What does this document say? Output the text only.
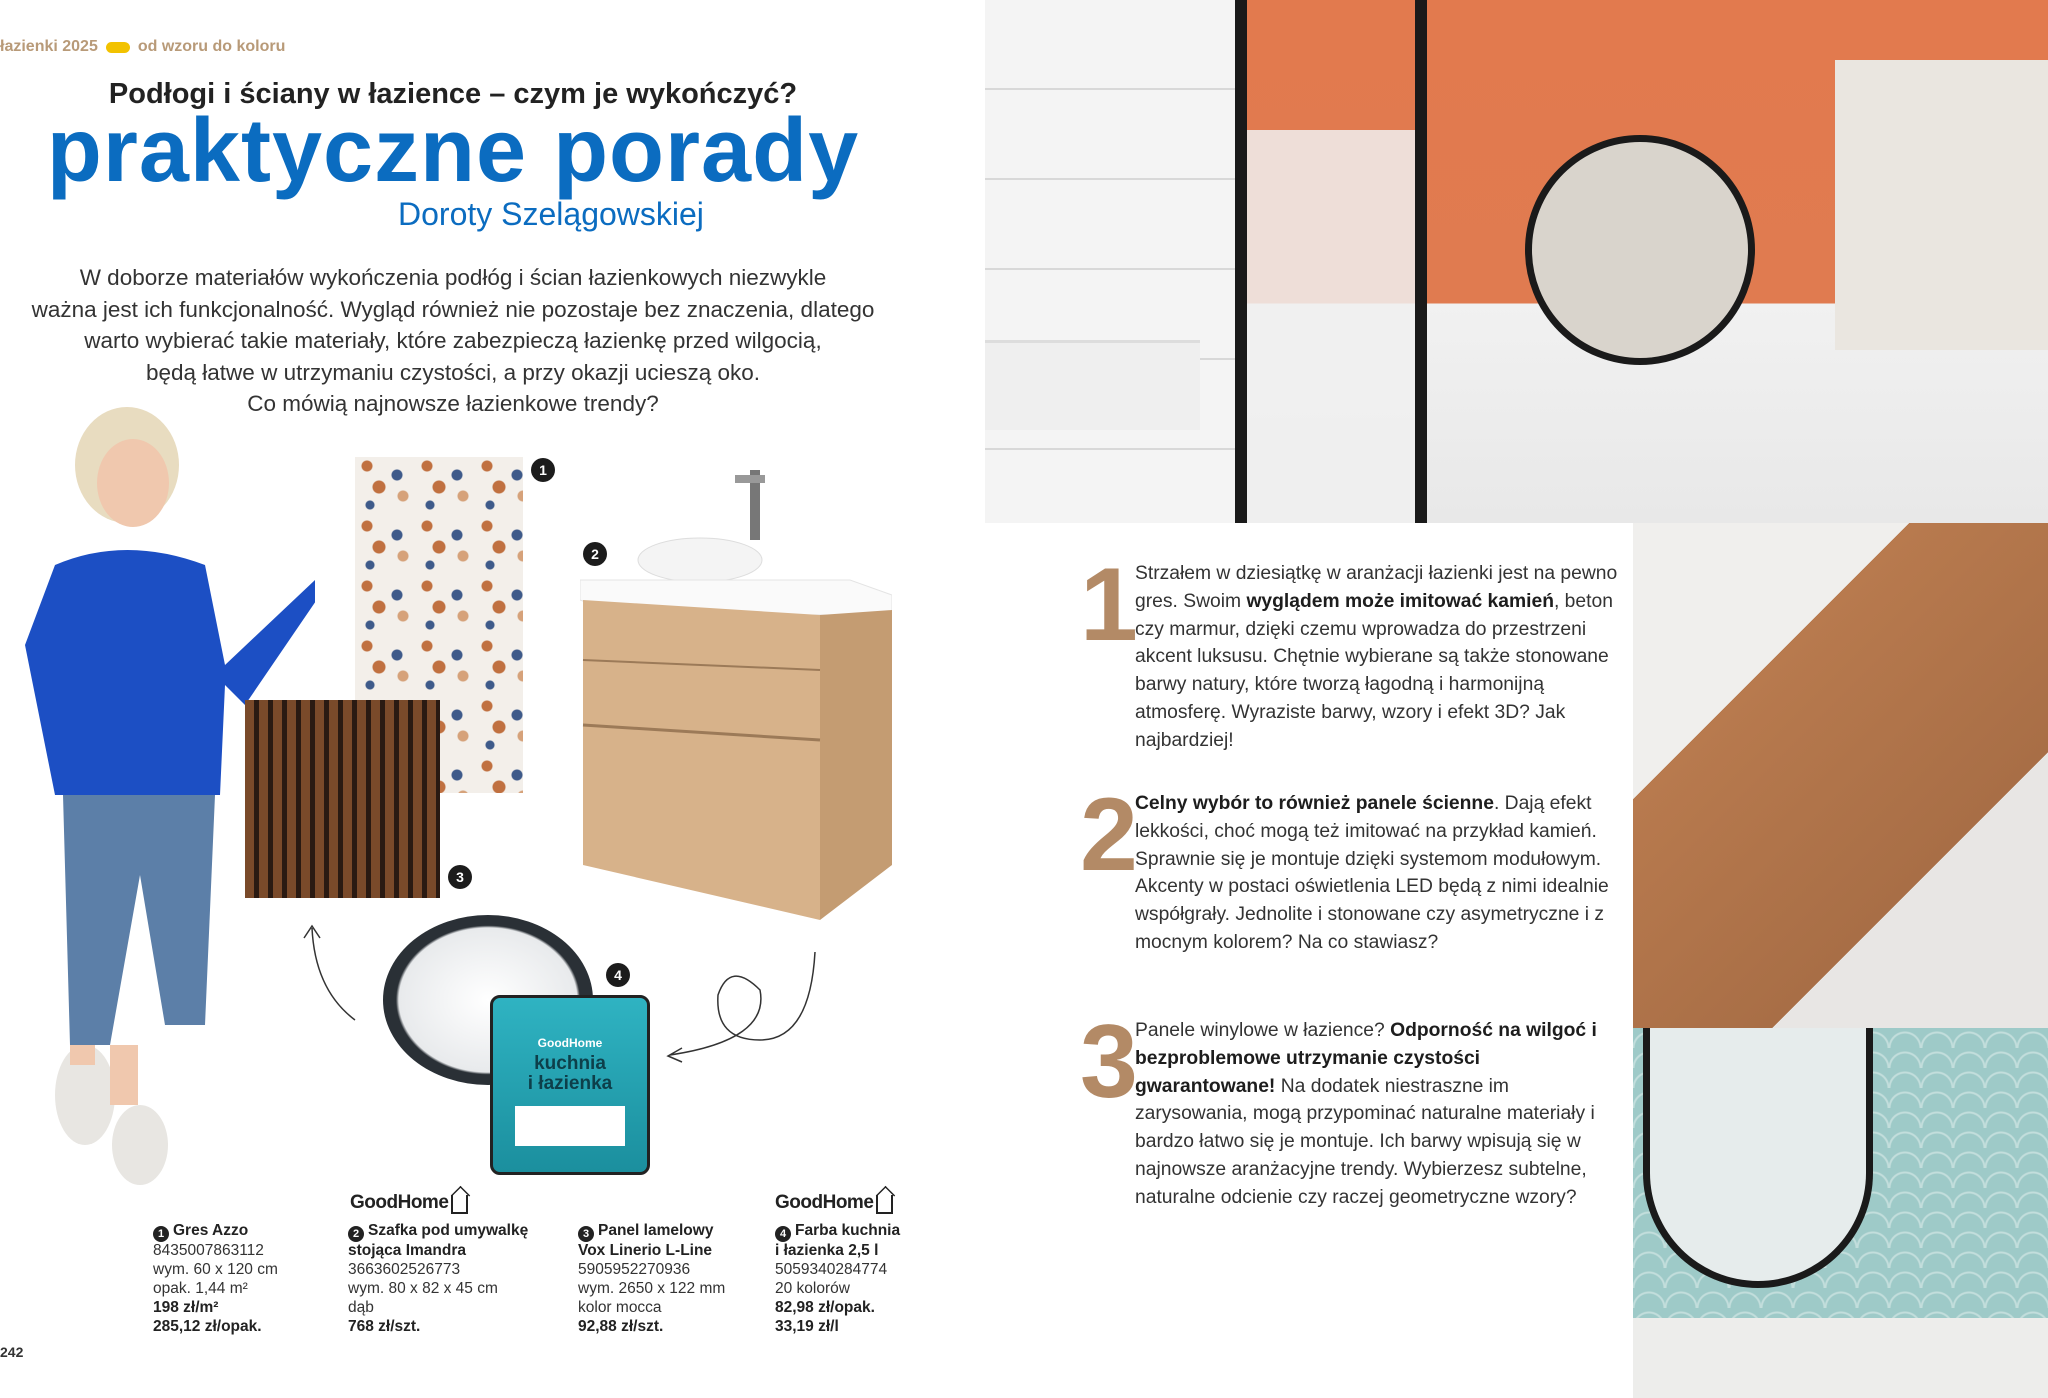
łazienki 2025	od wzoru do koloru
Podłogi i ściany w łazience – czym je wykończyć?
praktyczne porady
Doroty Szelągowskiej
W doborze materiałów wykończenia podłóg i ścian łazienkowych niezwykle
ważna jest ich funkcjonalność. Wygląd również nie pozostaje bez znaczenia, dlatego
warto wybierać takie materiały, które zabezpieczą łazienkę przed wilgocią,
będą łatwe w utrzymaniu czystości, a przy okazji ucieszą oko.
Co mówią najnowsze łazienkowe trendy?
1
3
2
GoodHome
kuchnia
i łazienka
4
GoodHome	GoodHome
1 Gres Azzo
8435007863112
wym. 60 x 120 cm
opak. 1,44 m²
198 zł/m²
285,12 zł/opak.
2 Szafka pod umywalkę
stojąca Imandra
3663602526773
wym. 80 x 82 x 45 cm
dąb
768 zł/szt.
3 Panel lamelowy
Vox Linerio L-Line
5905952270936
wym. 2650 x 122 mm
kolor mocca
92,88 zł/szt.
4 Farba kuchnia
i łazienka 2,5 l
5059340284774
20 kolorów
82,98 zł/opak.
33,19 zł/l
242
1
Strzałem w dziesiątkę w aranżacji łazienki jest na pewno gres. Swoim wyglądem może imitować kamień, beton czy marmur, dzięki czemu wprowadza do przestrzeni akcent luksusu. Chętnie wybierane są także stonowane barwy natury, które tworzą łagodną i harmonijną atmosferę. Wyraziste barwy, wzory i efekt 3D? Jak najbardziej!
2
Celny wybór to również panele ścienne. Dają efekt lekkości, choć mogą też imitować na przykład kamień. Sprawnie się je montuje dzięki systemom modułowym. Akcenty w postaci oświetlenia LED będą z nimi idealnie współgrały. Jednolite i stonowane czy asymetryczne i z mocnym kolorem? Na co stawiasz?
3
Panele winylowe w łazience? Odporność na wilgoć i bezproblemowe utrzymanie czystości gwarantowane! Na dodatek niestraszne im zarysowania, mogą przypominać naturalne materiały i bardzo łatwo się je montuje. Ich barwy wpisują się w najnowsze aranżacyjne trendy. Wybierzesz subtelne, naturalne odcienie czy raczej geometryczne wzory?
